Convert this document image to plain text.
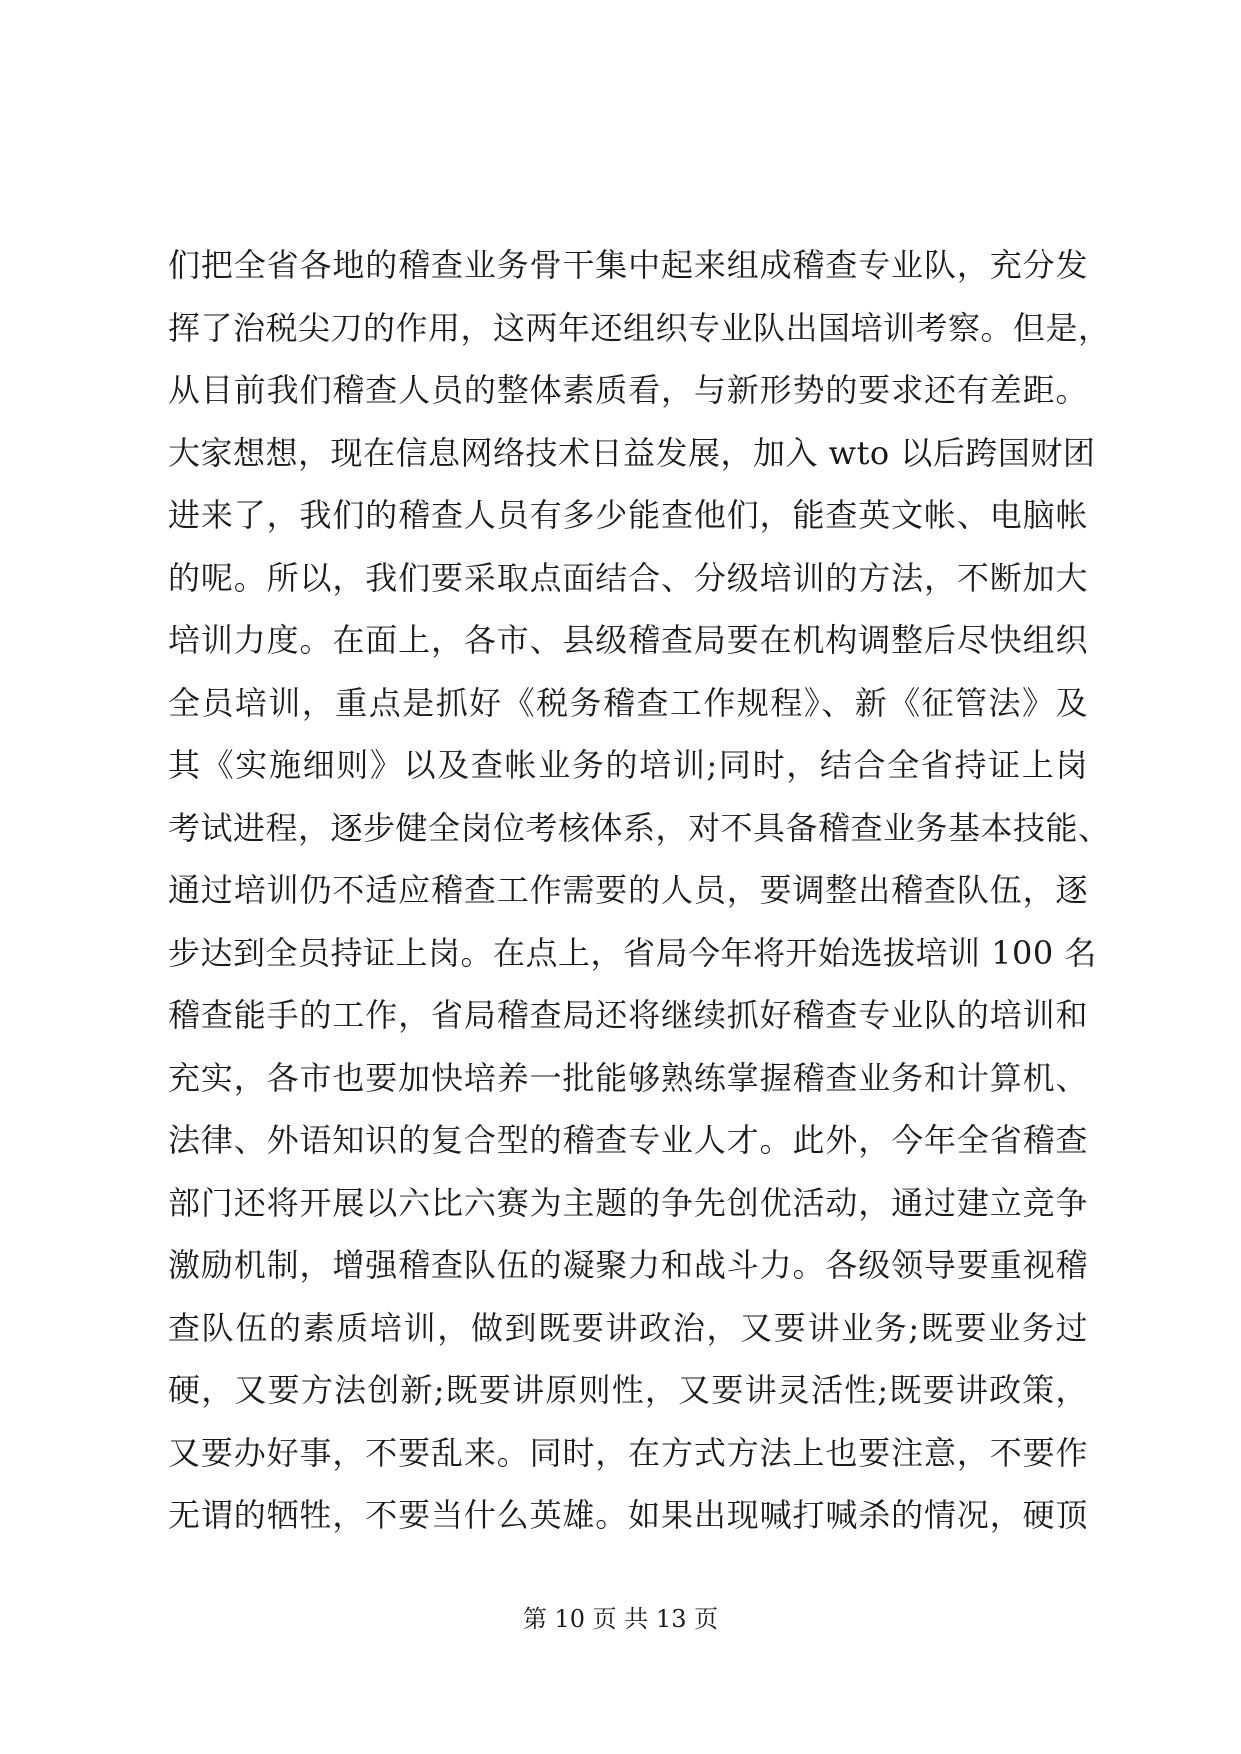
们把全省各地的稽查业务骨干集中起来组成稽查专业队，充分发
挥了治税尖刀的作用，这两年还组织专业队出国培训考察。但是，
从目前我们稽查人员的整体素质看，与新形势的要求还有差距。
大家想想，现在信息网络技术日益发展，加入 wto 以后跨国财团
进来了，我们的稽查人员有多少能查他们，能查英文帐、电脑帐
的呢。所以，我们要采取点面结合、分级培训的方法，不断加大
培训力度。在面上，各市、县级稽查局要在机构调整后尽快组织
全员培训，重点是抓好《税务稽查工作规程》、新《征管法》及
其《实施细则》以及查帐业务的培训;同时，结合全省持证上岗
考试进程，逐步健全岗位考核体系，对不具备稽查业务基本技能、
通过培训仍不适应稽查工作需要的人员，要调整出稽查队伍，逐
步达到全员持证上岗。在点上，省局今年将开始选拔培训 100 名
稽查能手的工作，省局稽查局还将继续抓好稽查专业队的培训和
充实，各市也要加快培养一批能够熟练掌握稽查业务和计算机、
法律、外语知识的复合型的稽查专业人才。此外，今年全省稽查
部门还将开展以六比六赛为主题的争先创优活动，通过建立竞争
激励机制，增强稽查队伍的凝聚力和战斗力。各级领导要重视稽
查队伍的素质培训，做到既要讲政治，又要讲业务;既要业务过
硬，又要方法创新;既要讲原则性，又要讲灵活性;既要讲政策，
又要办好事，不要乱来。同时，在方式方法上也要注意，不要作
无谓的牺牲，不要当什么英雄。如果出现喊打喊杀的情况，硬顶
第 10 页 共 13 页
